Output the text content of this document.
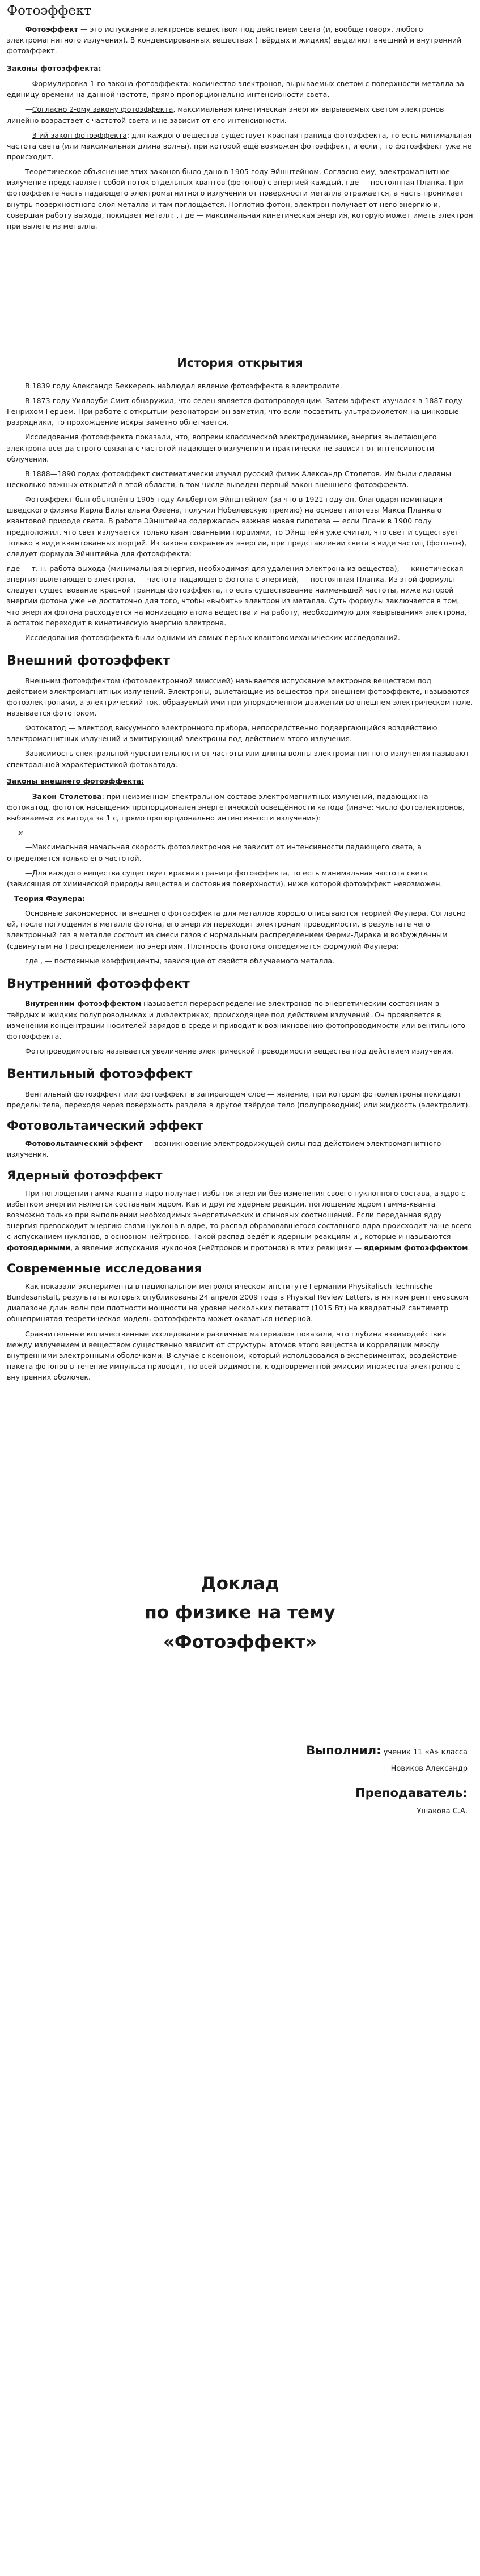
Фотоэффект

Фотоэффект — это испускание электронов веществом под действием света (и, вообще говоря, любого электромагнитного излучения). В конденсированных веществах (твёрдых и жидких) выделяют внешний и внутренний фотоэффект.

Законы фотоэффекта:

—Формулировка 1-го закона фотоэффекта: количество электронов, вырываемых светом с поверхности металла за единицу времени на данной частоте, прямо пропорционально интенсивности света.

—Согласно 2-ому закону фотоэффекта, максимальная кинетическая энергия вырываемых светом электронов линейно возрастает с частотой света и не зависит от его интенсивности.

—3-ий закон фотоэффекта: для каждого вещества существует красная граница фотоэффекта, то есть минимальная частота света (или максимальная длина волны), при которой ещё возможен фотоэффект, и если , то фотоэффект уже не происходит.

Теоретическое объяснение этих законов было дано в 1905 году Эйнштейном. Согласно ему, электромагнитное излучение представляет собой поток отдельных квантов (фотонов) с энергией каждый, где — постоянная Планка. При фотоэффекте часть падающего электромагнитного излучения от поверхности металла отражается, а часть проникает внутрь поверхностного слоя металла и там поглощается. Поглотив фотон, электрон получает от него энергию и, совершая работу выхода, покидает металл: , где — максимальная кинетическая энергия, которую может иметь электрон при вылете из металла.

История открытия

В 1839 году Александр Беккерель наблюдал явление фотоэффекта в электролите.

В 1873 году Уиллоуби Смит обнаружил, что селен является фотопроводящим. Затем эффект изучался в 1887 году Генрихом Герцем. При работе с открытым резонатором он заметил, что если посветить ультрафиолетом на цинковые разрядники, то прохождение искры заметно облегчается.

Исследования фотоэффекта показали, что, вопреки классической электродинамике, энергия вылетающего электрона всегда строго связана с частотой падающего излучения и практически не зависит от интенсивности облучения.

В 1888—1890 годах фотоэффект систематически изучал русский физик Александр Столетов. Им были сделаны несколько важных открытий в этой области, в том числе выведен первый закон внешнего фотоэффекта.

Фотоэффект был объяснён в 1905 году Альбертом Эйнштейном (за что в 1921 году он, благодаря номинации шведского физика Карла Вильгельма Озеена, получил Нобелевскую премию) на основе гипотезы Макса Планка о квантовой природе света. В работе Эйнштейна содержалась важная новая гипотеза — если Планк в 1900 году предположил, что свет излучается только квантованными порциями, то Эйнштейн уже считал, что свет и существует только в виде квантованных порций. Из закона сохранения энергии, при представлении света в виде частиц (фотонов), следует формула Эйнштейна для фотоэффекта:

где — т. н. работа выхода (минимальная энергия, необходимая для удаления электрона из вещества), — кинетическая энергия вылетающего электрона, — частота падающего фотона с энергией, — постоянная Планка. Из этой формулы следует существование красной границы фотоэффекта, то есть существование наименьшей частоты, ниже которой энергии фотона уже не достаточно для того, чтобы «выбить» электрон из металла. Суть формулы заключается в том, что энергия фотона расходуется на ионизацию атома вещества и на работу, необходимую для «вырывания» электрона, а остаток переходит в кинетическую энергию электрона.

Исследования фотоэффекта были одними из самых первых квантовомеханических исследований.

Внешний фотоэффект

Внешним фотоэффектом (фотоэлектронной эмиссией) называется испускание электронов веществом под действием электромагнитных излучений. Электроны, вылетающие из вещества при внешнем фотоэффекте, называются фотоэлектронами, а электрический ток, образуемый ими при упорядоченном движении во внешнем электрическом поле, называется фототоком.

Фотокатод — электрод вакуумного электронного прибора, непосредственно подвергающийся воздействию электромагнитных излучений и эмитирующий электроны под действием этого излучения.

Зависимость спектральной чувствительности от частоты или длины волны электромагнитного излучения называют спектральной характеристикой фотокатода.

Законы внешнего фотоэффекта:

—Закон Столетова: при неизменном спектральном составе электромагнитных излучений, падающих на фотокатод, фототок насыщения пропорционален энергетической освещённости катода (иначе: число фотоэлектронов, выбиваемых из катода за 1 с, прямо пропорционально интенсивности излучения):

и

—Максимальная начальная скорость фотоэлектронов не зависит от интенсивности падающего света, а определяется только его частотой.

—Для каждого вещества существует красная граница фотоэффекта, то есть минимальная частота света (зависящая от химической природы вещества и состояния поверхности), ниже которой фотоэффект невозможен.

—Теория Фаулера:

Основные закономерности внешнего фотоэффекта для металлов хорошо описываются теорией Фаулера. Согласно ей, после поглощения в металле фотона, его энергия переходит электронам проводимости, в результате чего электронный газ в металле состоит из смеси газов с нормальным распределением Ферми-Дирака и возбуждённым (сдвинутым на ) распределением по энергиям. Плотность фототока определяется формулой Фаулера:

где , — постоянные коэффициенты, зависящие от свойств облучаемого металла.

Внутренний фотоэффект

Внутренним фотоэффектом называется перераспределение электронов по энергетическим состояниям в твёрдых и жидких полупроводниках и диэлектриках, происходящее под действием излучений. Он проявляется в изменении концентрации носителей зарядов в среде и приводит к возникновению фотопроводимости или вентильного фотоэффекта.

Фотопроводимостью называется увеличение электрической проводимости вещества под действием излучения.

Вентильный фотоэффект

Вентильный фотоэффект или фотоэффект в запирающем слое — явление, при котором фотоэлектроны покидают пределы тела, переходя через поверхность раздела в другое твёрдое тело (полупроводник) или жидкость (электролит).

Фотовольтаический эффект

Фотовольтаический эффект — возникновение электродвижущей силы под действием электромагнитного излучения.

Ядерный фотоэффект

При поглощении гамма-кванта ядро получает избыток энергии без изменения своего нуклонного состава, а ядро с избытком энергии является составным ядром. Как и другие ядерные реакции, поглощение ядром гамма-кванта возможно только при выполнении необходимых энергетических и спиновых соотношений. Если переданная ядру энергия превосходит энергию связи нуклона в ядре, то распад образовавшегося составного ядра происходит чаще всего с испусканием нуклонов, в основном нейтронов. Такой распад ведёт к ядерным реакциям и , которые и называются фотоядерными, а явление испускания нуклонов (нейтронов и протонов) в этих реакциях — ядерным фотоэффектом.

Современные исследования

Как показали эксперименты в национальном метрологическом институте Германии Physikalisch-Technische Bundesanstalt, результаты которых опубликованы 24 апреля 2009 года в Physical Review Letters, в мягком рентгеновском диапазоне длин волн при плотности мощности на уровне нескольких петаватт (1015 Вт) на квадратный сантиметр общепринятая теоретическая модель фотоэффекта может оказаться неверной.

Сравнительные количественные исследования различных материалов показали, что глубина взаимодействия между излучением и веществом существенно зависит от структуры атомов этого вещества и корреляции между внутренними электронными оболочками. В случае с ксеноном, который использовался в экспериментах, воздействие пакета фотонов в течение импульса приводит, по всей видимости, к одновременной эмиссии множества электронов с внутренних оболочек.

Доклад
по физике на тему
«Фотоэффект»
Выполнил: ученик 11 «А» класса
Новиков Александр
Преподаватель:
Ушакова С.А.
